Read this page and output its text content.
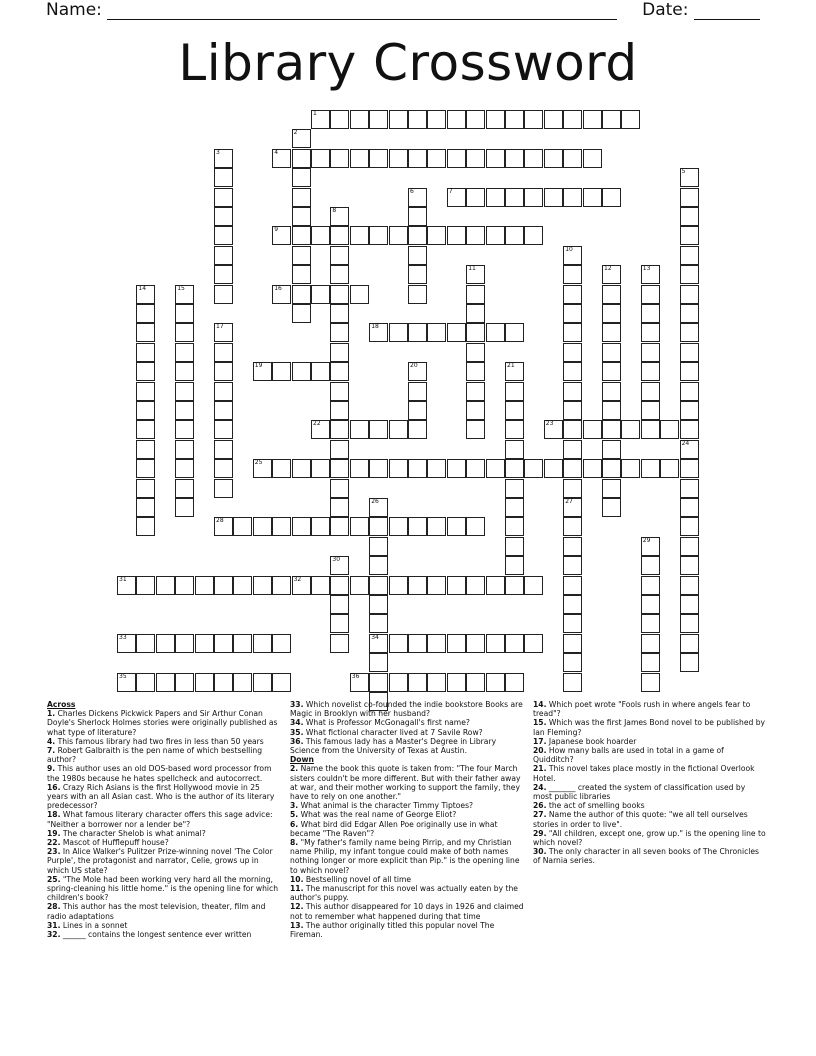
Name:	Date:
Library Crossword
1
4
7
9
16
18
19
22	23
25
28
31	32
33	34
35	36
2
3
5
6
8
10
27
11	12	13
14	15
17
20	21
24
26
29
30
Across
1. Charles Dickens Pickwick Papers and Sir Arthur Conan Doyle's Sherlock Holmes stories were originally published as what type of literature?
4. This famous library had two fires in less than 50 years
7. Robert Galbraith is the pen name of which bestselling author?
9. This author uses an old DOS-based word processor from the 1980s because he hates spellcheck and autocorrect.
16. Crazy Rich Asians is the first Hollywood movie in 25 years with an all Asian cast. Who is the author of its literary predecessor?
18. What famous literary character offers this sage advice: "Neither a borrower nor a lender be"?
19. The character Shelob is what animal?
22. Mascot of Hufflepuff house?
23. In Alice Walker's Pulitzer Prize-winning novel 'The Color Purple', the protagonist and narrator, Celie, grows up in which US state?
25. "The Mole had been working very hard all the morning, spring-cleaning his little home." is the opening line for which children's book?
28. This author has the most television, theater, film and radio adaptations
31. Lines in a sonnet
32. ______ contains the longest sentence ever written
33. Which novelist co-founded the indie bookstore Books are Magic in Brooklyn with her husband?
34. What is Professor McGonagall's first name?
35. What fictional character lived at 7 Savile Row?
36. This famous lady has a Master's Degree in Library Science from the University of Texas at Austin.
Down
2. Name the book this quote is taken from: "The four March sisters couldn't be more different. But with their father away at war, and their mother working to support the family, they have to rely on one another."
3. What animal is the character Timmy Tiptoes?
5. What was the real name of George Eliot?
6. What bird did Edgar Allen Poe originally use in what became "The Raven"?
8. "My father's family name being Pirrip, and my Christian name Philip, my infant tongue could make of both names nothing longer or more explicit than Pip." is the opening line to which novel?
10. Bestselling novel of all time
11. The manuscript for this novel was actually eaten by the author's puppy.
12. This author disappeared for 10 days in 1926 and claimed not to remember what happened during that time
13. The author originally titled this popular novel The Fireman.
14. Which poet wrote "Fools rush in where angels fear to tread"?
15. Which was the first James Bond novel to be published by Ian Fleming?
17. Japanese book hoarder
20. How many balls are used in total in a game of Quidditch?
21. This novel takes place mostly in the fictional Overlook Hotel.
24. _______ created the system of classification used by most public libraries
26. the act of smelling books
27. Name the author of this quote: "we all tell ourselves stories in order to live".
29. "All children, except one, grow up." is the opening line to which novel?
30. The only character in all seven books of The Chronicles of Narnia series.
